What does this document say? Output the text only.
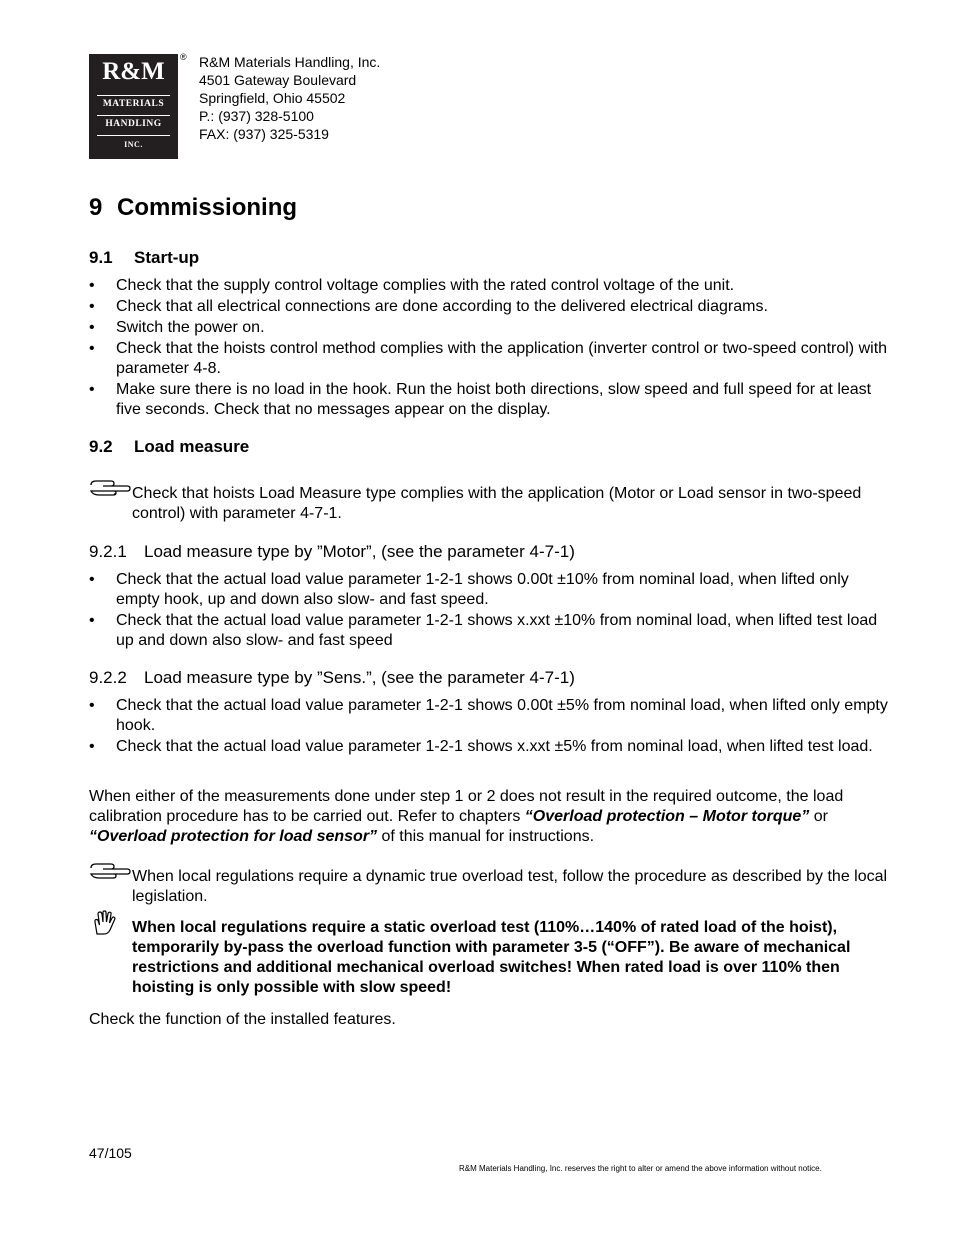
R&M
MATERIALS
HANDLING
INC.
® R&M Materials Handling, Inc.
4501 Gateway Boulevard
Springfield, Ohio 45502
P.: (937) 328-5100
FAX: (937) 325-5319
9 Commissioning
9.1 Start-up
• Check that the supply control voltage complies with the rated control voltage of the unit.
• Check that all electrical connections are done according to the delivered electrical diagrams.
• Switch the power on.
• Check that the hoists control method complies with the application (inverter control or two-speed control) with parameter 4-8.
• Make sure there is no load in the hook. Run the hoist both directions, slow speed and full speed for at least five seconds. Check that no messages appear on the display.
9.2 Load measure
Check that hoists Load Measure type complies with the application (Motor or Load sensor in two-speed control) with parameter 4-7-1.
9.2.1 Load measure type by ”Motor”, (see the parameter 4-7-1)
• Check that the actual load value parameter 1-2-1 shows 0.00t ±10% from nominal load, when lifted only empty hook, up and down also slow- and fast speed.
• Check that the actual load value parameter 1-2-1 shows x.xxt ±10% from nominal load, when lifted test load up and down also slow- and fast speed
9.2.2 Load measure type by ”Sens.”, (see the parameter 4-7-1)
• Check that the actual load value parameter 1-2-1 shows 0.00t ±5% from nominal load, when lifted only empty hook.
• Check that the actual load value parameter 1-2-1 shows x.xxt ±5% from nominal load, when lifted test load.
When either of the measurements done under step 1 or 2 does not result in the required outcome, the load calibration procedure has to be carried out. Refer to chapters “Overload protection – Motor torque” or “Overload protection for load sensor” of this manual for instructions.
When local regulations require a dynamic true overload test, follow the procedure as described by the local legislation.
When local regulations require a static overload test (110%…140% of rated load of the hoist), temporarily by-pass the overload function with parameter 3-5 (“OFF”). Be aware of mechanical restrictions and additional mechanical overload switches! When rated load is over 110% then hoisting is only possible with slow speed!
Check the function of the installed features.
47/105
R&M Materials Handling, Inc. reserves the right to alter or amend the above information without notice.
